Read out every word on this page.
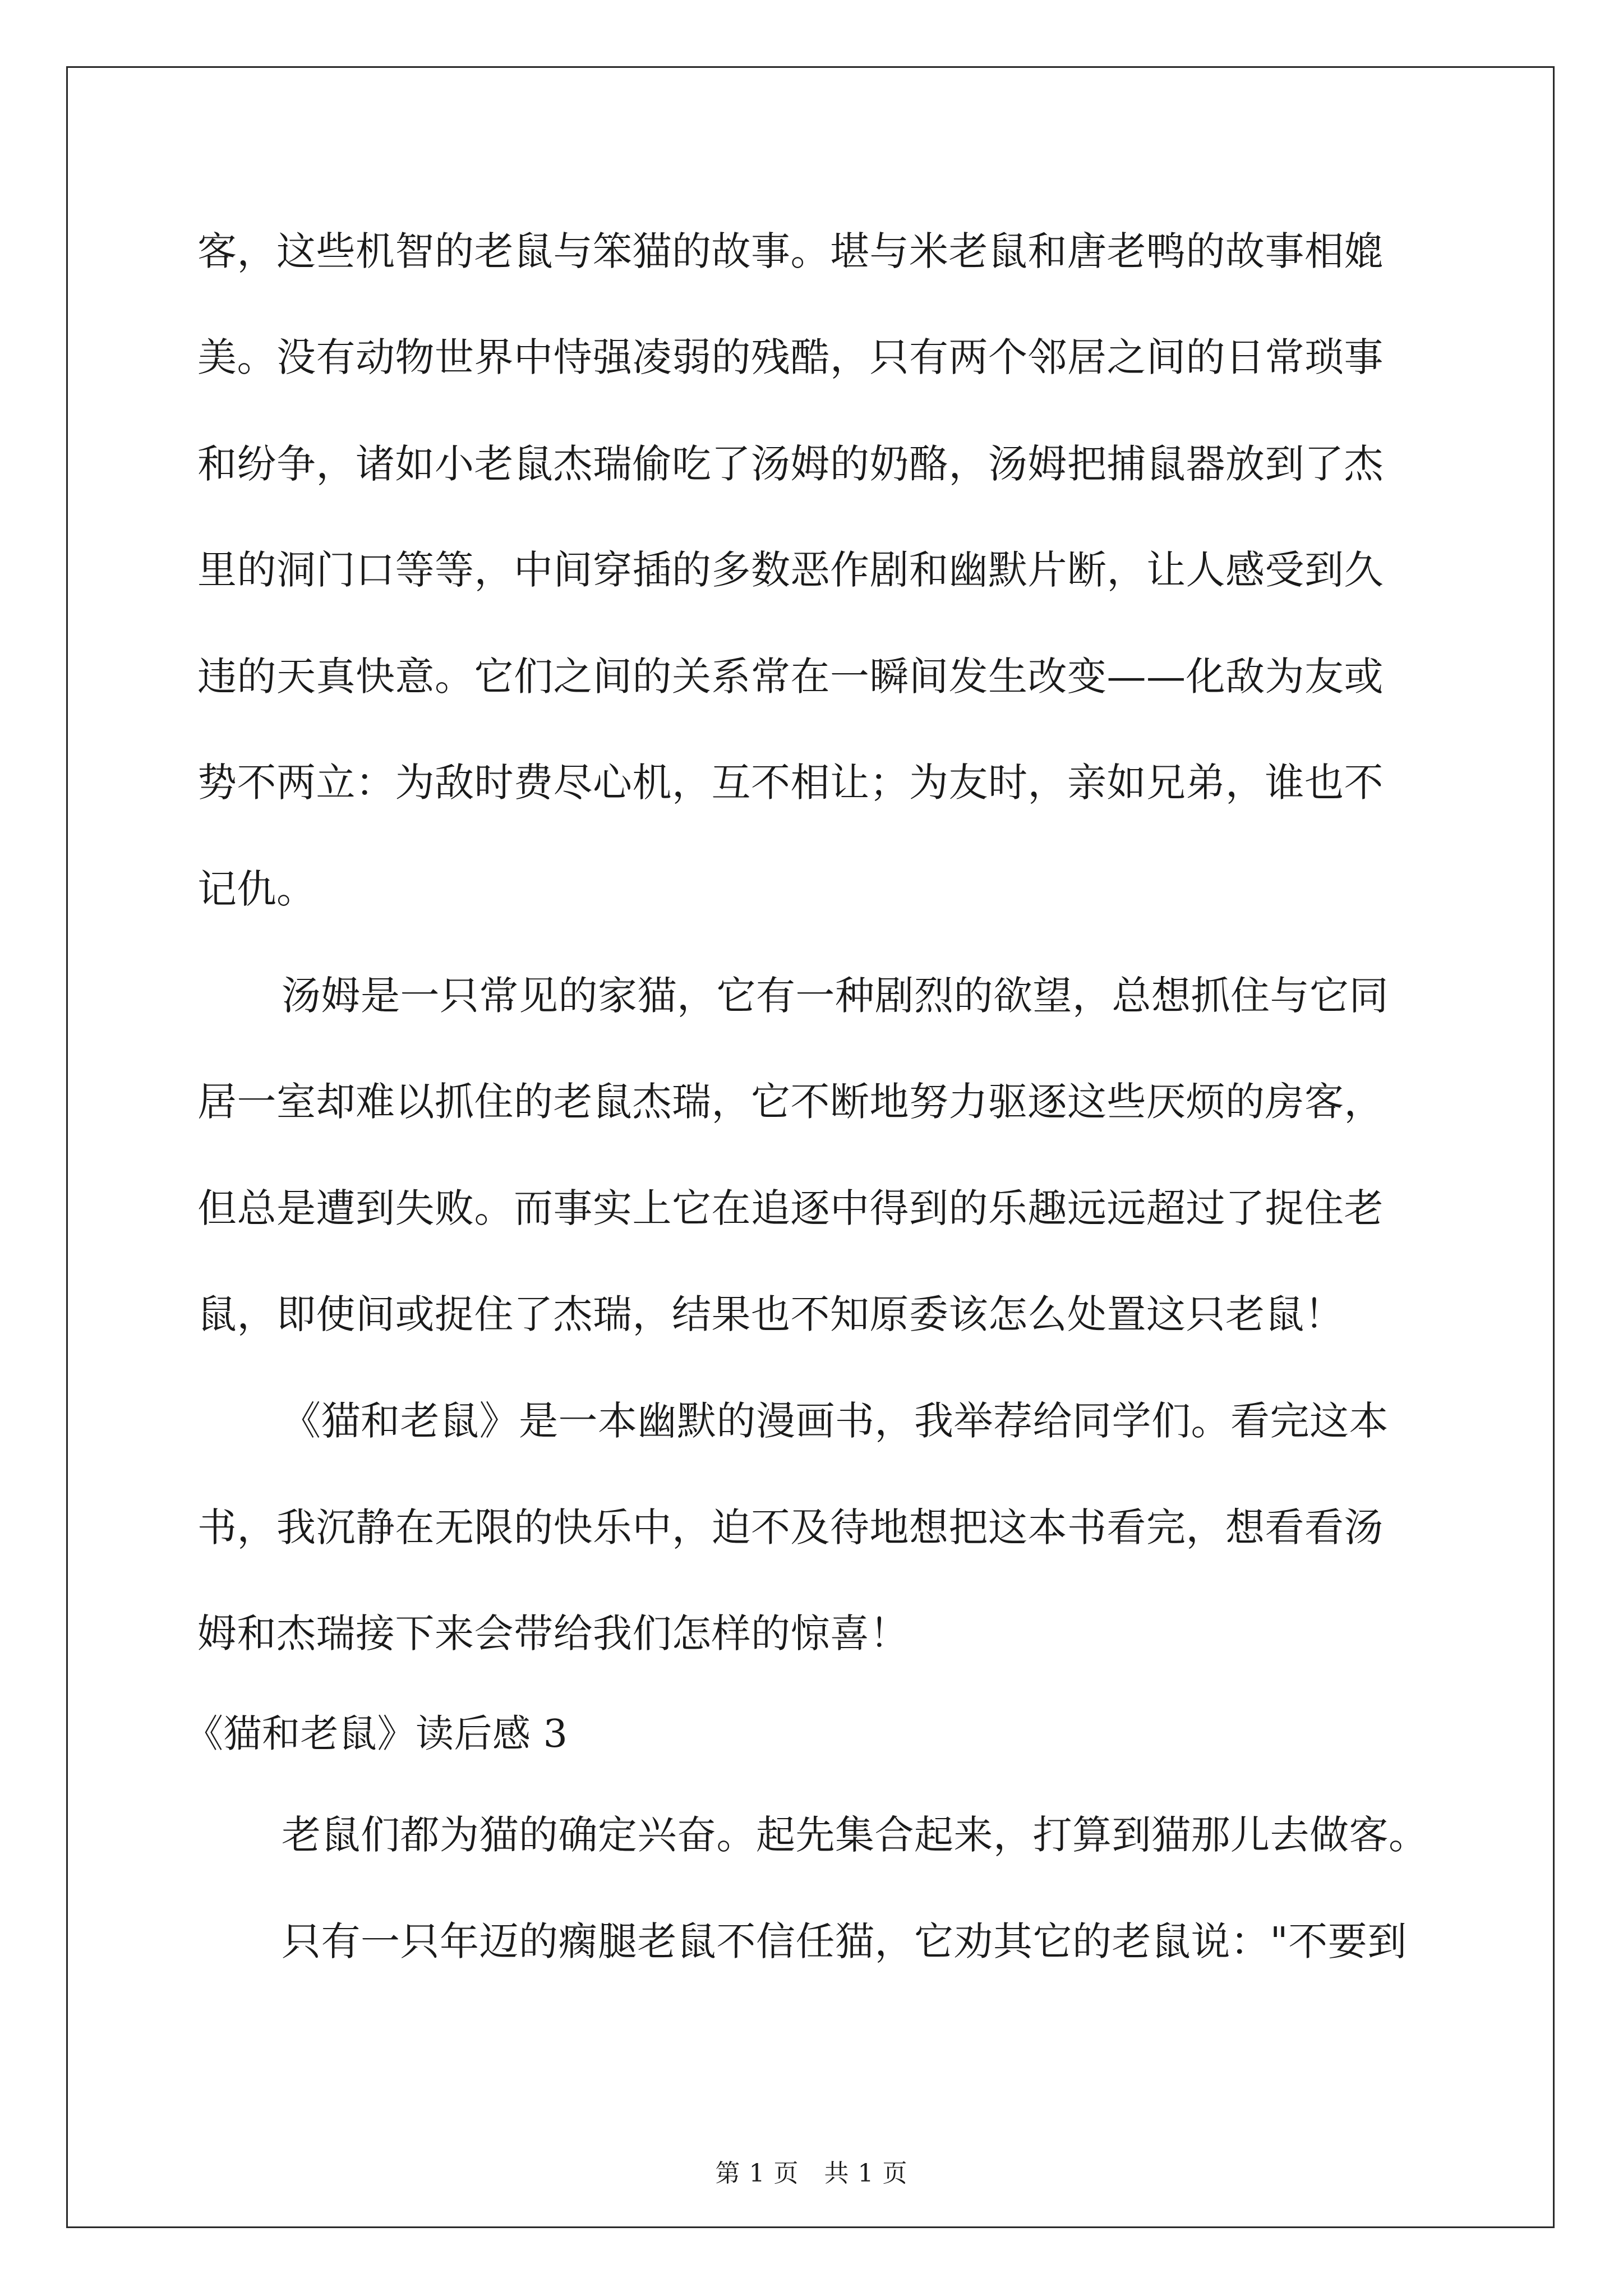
客，这些机智的老鼠与笨猫的故事。堪与米老鼠和唐老鸭的故事相媲
美。没有动物世界中恃强凌弱的残酷，只有两个邻居之间的日常琐事
和纷争，诸如小老鼠杰瑞偷吃了汤姆的奶酪，汤姆把捕鼠器放到了杰
里的洞门口等等，中间穿插的多数恶作剧和幽默片断，让人感受到久
违的天真快意。它们之间的关系常在一瞬间发生改变——化敌为友或
势不两立：为敌时费尽心机，互不相让；为友时，亲如兄弟，谁也不
记仇。
汤姆是一只常见的家猫，它有一种剧烈的欲望，总想抓住与它同
居一室却难以抓住的老鼠杰瑞，它不断地努力驱逐这些厌烦的房客，
但总是遭到失败。而事实上它在追逐中得到的乐趣远远超过了捉住老
鼠，即使间或捉住了杰瑞，结果也不知原委该怎么处置这只老鼠！
《猫和老鼠》是一本幽默的漫画书，我举荐给同学们。看完这本
书，我沉静在无限的快乐中，迫不及待地想把这本书看完，想看看汤
姆和杰瑞接下来会带给我们怎样的惊喜！
《猫和老鼠》读后感 3
老鼠们都为猫的确定兴奋。起先集合起来，打算到猫那儿去做客。
只有一只年迈的瘸腿老鼠不信任猫，它劝其它的老鼠说："不要到
第 1 页　共 1 页
